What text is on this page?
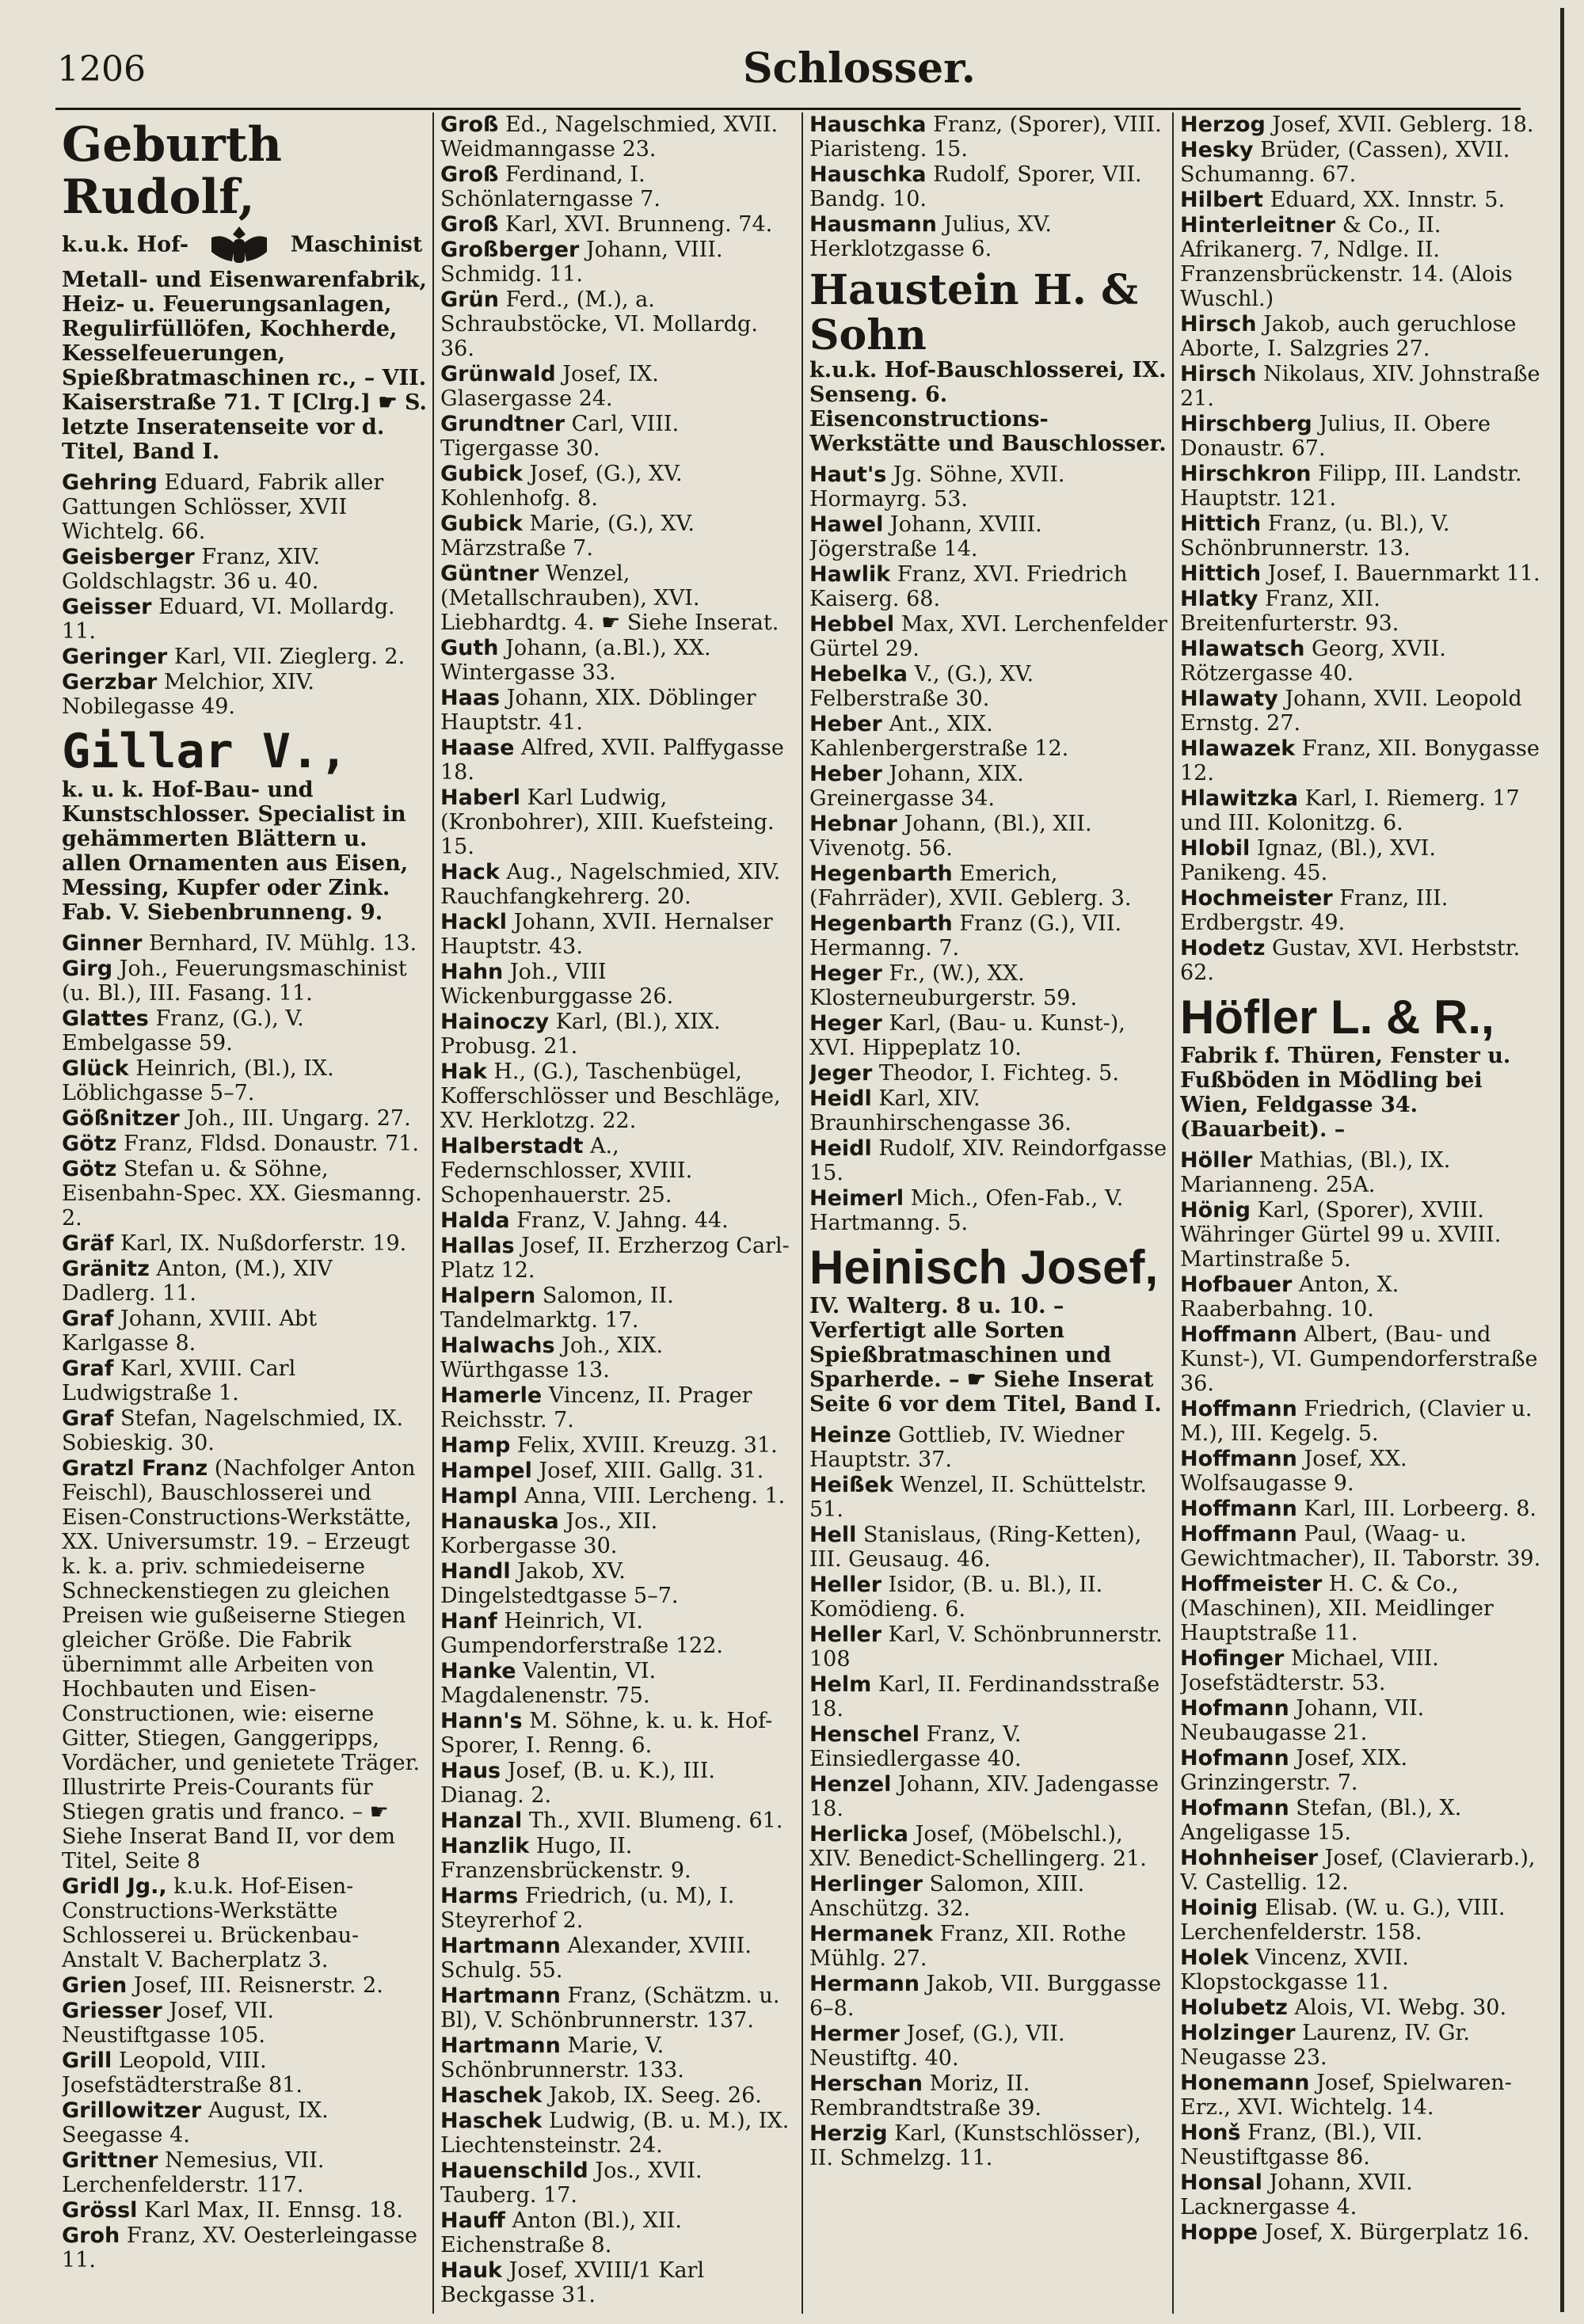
1206	Schlosser.
Geburth Rudolf,
k.u.k. Hof-	Maschinist
Metall- und Eisenwarenfabrik, Heiz- u. Feuerungsanlagen, Regulirfüllöfen, Kochherde, Kesselfeuerungen, Spießbratmaschinen rc., – VII. Kaiserstraße 71. T [Clrg.] ☛ S. letzte Inseratenseite vor d. Titel, Band I.
Gehring Eduard, Fabrik aller Gattungen Schlösser, XVII Wichtelg. 66.
Geisberger Franz, XIV. Goldschlagstr. 36 u. 40.
Geisser Eduard, VI. Mollardg. 11.
Geringer Karl, VII. Zieglerg. 2.
Gerzbar Melchior, XIV. Nobilegasse 49.
Gillar V.,
k. u. k. Hof-Bau- und Kunstschlosser. Specialist in gehämmerten Blättern u. allen Ornamenten aus Eisen, Messing, Kupfer oder Zink.
Fab. V. Siebenbrunneng. 9.
Ginner Bernhard, IV. Mühlg. 13.
Girg Joh., Feuerungsmaschinist (u. Bl.), III. Fasang. 11.
Glattes Franz, (G.), V. Embelgasse 59.
Glück Heinrich, (Bl.), IX. Löblichgasse 5–7.
Gößnitzer Joh., III. Ungarg. 27.
Götz Franz, Fldsd. Donaustr. 71.
Götz Stefan u. & Söhne, Eisenbahn-Spec. XX. Giesmanng. 2.
Gräf Karl, IX. Nußdorferstr. 19.
Gränitz Anton, (M.), XIV Dadlerg. 11.
Graf Johann, XVIII. Abt Karlgasse 8.
Graf Karl, XVIII. Carl Ludwigstraße 1.
Graf Stefan, Nagelschmied, IX. Sobieskig. 30.
Gratzl Franz (Nachfolger Anton Feischl), Bauschlosserei und Eisen-Constructions-Werkstätte, XX. Universumstr. 19. – Erzeugt k. k. a. priv. schmiedeiserne Schneckenstiegen zu gleichen Preisen wie gußeiserne Stiegen gleicher Größe. Die Fabrik übernimmt alle Arbeiten von Hochbauten und Eisen-Constructionen, wie: eiserne Gitter, Stiegen, Ganggeripps, Vordächer, und genietete Träger. Illustrirte Preis-Courants für Stiegen gratis und franco. – ☛ Siehe Inserat Band II, vor dem Titel, Seite 8
Gridl Jg., k.u.k. Hof-Eisen-Constructions-Werkstätte Schlosserei u. Brückenbau-Anstalt V. Bacherplatz 3.
Grien Josef, III. Reisnerstr. 2.
Griesser Josef, VII. Neustiftgasse 105.
Grill Leopold, VIII. Josefstädterstraße 81.
Grillowitzer August, IX. Seegasse 4.
Grittner Nemesius, VII. Lerchenfelderstr. 117.
Grössl Karl Max, II. Ennsg. 18.
Groh Franz, XV. Oesterleingasse 11.
Groß Ed., Nagelschmied, XVII. Weidmanngasse 23.
Groß Ferdinand, I. Schönlaterngasse 7.
Groß Karl, XVI. Brunneng. 74.
Großberger Johann, VIII. Schmidg. 11.
Grün Ferd., (M.), a. Schraubstöcke, VI. Mollardg. 36.
Grünwald Josef, IX. Glasergasse 24.
Grundtner Carl, VIII. Tigergasse 30.
Gubick Josef, (G.), XV. Kohlenhofg. 8.
Gubick Marie, (G.), XV. Märzstraße 7.
Güntner Wenzel, (Metallschrauben), XVI. Liebhardtg. 4. ☛ Siehe Inserat.
Guth Johann, (a.Bl.), XX. Wintergasse 33.
Haas Johann, XIX. Döblinger Hauptstr. 41.
Haase Alfred, XVII. Palffygasse 18.
Haberl Karl Ludwig, (Kronbohrer), XIII. Kuefsteing. 15.
Hack Aug., Nagelschmied, XIV. Rauchfangkehrerg. 20.
Hackl Johann, XVII. Hernalser Hauptstr. 43.
Hahn Joh., VIII Wickenburggasse 26.
Hainoczy Karl, (Bl.), XIX. Probusg. 21.
Hak H., (G.), Taschenbügel, Kofferschlösser und Beschläge, XV. Herklotzg. 22.
Halberstadt A., Federnschlosser, XVIII. Schopenhauerstr. 25.
Halda Franz, V. Jahng. 44.
Hallas Josef, II. Erzherzog Carl-Platz 12.
Halpern Salomon, II. Tandelmarktg. 17.
Halwachs Joh., XIX. Würthgasse 13.
Hamerle Vincenz, II. Prager Reichsstr. 7.
Hamp Felix, XVIII. Kreuzg. 31.
Hampel Josef, XIII. Gallg. 31.
Hampl Anna, VIII. Lercheng. 1.
Hanauska Jos., XII. Korbergasse 30.
Handl Jakob, XV. Dingelstedtgasse 5–7.
Hanf Heinrich, VI. Gumpendorferstraße 122.
Hanke Valentin, VI. Magdalenenstr. 75.
Hann's M. Söhne, k. u. k. Hof-Sporer, I. Renng. 6.
Haus Josef, (B. u. K.), III. Dianag. 2.
Hanzal Th., XVII. Blumeng. 61.
Hanzlik Hugo, II. Franzensbrückenstr. 9.
Harms Friedrich, (u. M), I. Steyrerhof 2.
Hartmann Alexander, XVIII. Schulg. 55.
Hartmann Franz, (Schätzm. u. Bl), V. Schönbrunnerstr. 137.
Hartmann Marie, V. Schönbrunnerstr. 133.
Haschek Jakob, IX. Seeg. 26.
Haschek Ludwig, (B. u. M.), IX. Liechtensteinstr. 24.
Hauenschild Jos., XVII. Tauberg. 17.
Hauff Anton (Bl.), XII. Eichenstraße 8.
Hauk Josef, XVIII/1 Karl Beckgasse 31.
Hauschka Franz, (Sporer), VIII. Piaristeng. 15.
Hauschka Rudolf, Sporer, VII. Bandg. 10.
Hausmann Julius, XV. Herklotzgasse 6.
Haustein H. & Sohn
k.u.k. Hof-Bauschlosserei, IX. Senseng. 6. Eisenconstructions-Werkstätte und Bauschlosser.
Haut's Jg. Söhne, XVII. Hormayrg. 53.
Hawel Johann, XVIII. Jögerstraße 14.
Hawlik Franz, XVI. Friedrich Kaiserg. 68.
Hebbel Max, XVI. Lerchenfelder Gürtel 29.
Hebelka V., (G.), XV. Felberstraße 30.
Heber Ant., XIX. Kahlenbergerstraße 12.
Heber Johann, XIX. Greinergasse 34.
Hebnar Johann, (Bl.), XII. Vivenotg. 56.
Hegenbarth Emerich, (Fahrräder), XVII. Geblerg. 3.
Hegenbarth Franz (G.), VII. Hermanng. 7.
Heger Fr., (W.), XX. Klosterneuburgerstr. 59.
Heger Karl, (Bau- u. Kunst-), XVI. Hippeplatz 10.
Jeger Theodor, I. Fichteg. 5.
Heidl Karl, XIV. Braunhirschengasse 36.
Heidl Rudolf, XIV. Reindorfgasse 15.
Heimerl Mich., Ofen-Fab., V. Hartmanng. 5.
Heinisch Josef,
IV. Walterg. 8 u. 10. – Verfertigt alle Sorten Spießbratmaschinen und Sparherde. – ☛ Siehe Inserat Seite 6 vor dem Titel, Band I.
Heinze Gottlieb, IV. Wiedner Hauptstr. 37.
Heißek Wenzel, II. Schüttelstr. 51.
Hell Stanislaus, (Ring-Ketten), III. Geusaug. 46.
Heller Isidor, (B. u. Bl.), II. Komödieng. 6.
Heller Karl, V. Schönbrunnerstr. 108
Helm Karl, II. Ferdinandsstraße 18.
Henschel Franz, V. Einsiedlergasse 40.
Henzel Johann, XIV. Jadengasse 18.
Herlicka Josef, (Möbelschl.), XIV. Benedict-Schellingerg. 21.
Herlinger Salomon, XIII. Anschützg. 32.
Hermanek Franz, XII. Rothe Mühlg. 27.
Hermann Jakob, VII. Burggasse 6–8.
Hermer Josef, (G.), VII. Neustiftg. 40.
Herschan Moriz, II. Rembrandtstraße 39.
Herzig Karl, (Kunstschlösser), II. Schmelzg. 11.
Herzog Josef, XVII. Geblerg. 18.
Hesky Brüder, (Cassen), XVII. Schumanng. 67.
Hilbert Eduard, XX. Innstr. 5.
Hinterleitner & Co., II. Afrikanerg. 7, Ndlge. II. Franzensbrückenstr. 14. (Alois Wuschl.)
Hirsch Jakob, auch geruchlose Aborte, I. Salzgries 27.
Hirsch Nikolaus, XIV. Johnstraße 21.
Hirschberg Julius, II. Obere Donaustr. 67.
Hirschkron Filipp, III. Landstr. Hauptstr. 121.
Hittich Franz, (u. Bl.), V. Schönbrunnerstr. 13.
Hittich Josef, I. Bauernmarkt 11.
Hlatky Franz, XII. Breitenfurterstr. 93.
Hlawatsch Georg, XVII. Rötzergasse 40.
Hlawaty Johann, XVII. Leopold Ernstg. 27.
Hlawazek Franz, XII. Bonygasse 12.
Hlawitzka Karl, I. Riemerg. 17 und III. Kolonitzg. 6.
Hlobil Ignaz, (Bl.), XVI. Panikeng. 45.
Hochmeister Franz, III. Erdbergstr. 49.
Hodetz Gustav, XVI. Herbststr. 62.
Höfler L. & R.,
Fabrik f. Thüren, Fenster u. Fußböden in Mödling bei Wien, Feldgasse 34. (Bauarbeit). –
Höller Mathias, (Bl.), IX. Marianneng. 25A.
Hönig Karl, (Sporer), XVIII. Währinger Gürtel 99 u. XVIII. Martinstraße 5.
Hofbauer Anton, X. Raaberbahng. 10.
Hoffmann Albert, (Bau- und Kunst-), VI. Gumpendorferstraße 36.
Hoffmann Friedrich, (Clavier u. M.), III. Kegelg. 5.
Hoffmann Josef, XX. Wolfsaugasse 9.
Hoffmann Karl, III. Lorbeerg. 8.
Hoffmann Paul, (Waag- u. Gewichtmacher), II. Taborstr. 39.
Hoffmeister H. C. & Co., (Maschinen), XII. Meidlinger Hauptstraße 11.
Hofinger Michael, VIII. Josefstädterstr. 53.
Hofmann Johann, VII. Neubaugasse 21.
Hofmann Josef, XIX. Grinzingerstr. 7.
Hofmann Stefan, (Bl.), X. Angeligasse 15.
Hohnheiser Josef, (Clavierarb.), V. Castellig. 12.
Hoinig Elisab. (W. u. G.), VIII. Lerchenfelderstr. 158.
Holek Vincenz, XVII. Klopstockgasse 11.
Holubetz Alois, VI. Webg. 30.
Holzinger Laurenz, IV. Gr. Neugasse 23.
Honemann Josef, Spielwaren-Erz., XVI. Wichtelg. 14.
Honš Franz, (Bl.), VII. Neustiftgasse 86.
Honsal Johann, XVII. Lacknergasse 4.
Hoppe Josef, X. Bürgerplatz 16.
